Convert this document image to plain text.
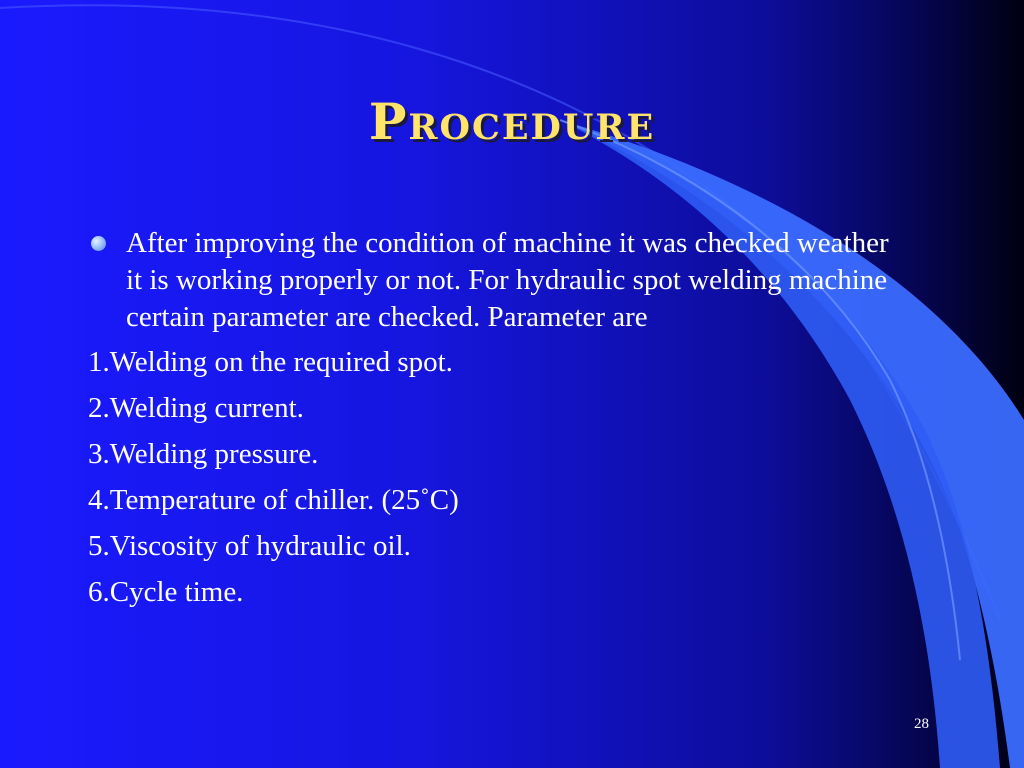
Procedure
After improving the condition of machine it was checked weather it is working properly or not. For hydraulic spot welding machine certain parameter are checked. Parameter are
1.Welding on the required spot.
2.Welding current.
3.Welding pressure.
4.Temperature of chiller. (25˚C)
5.Viscosity of hydraulic oil.
6.Cycle time.
28
